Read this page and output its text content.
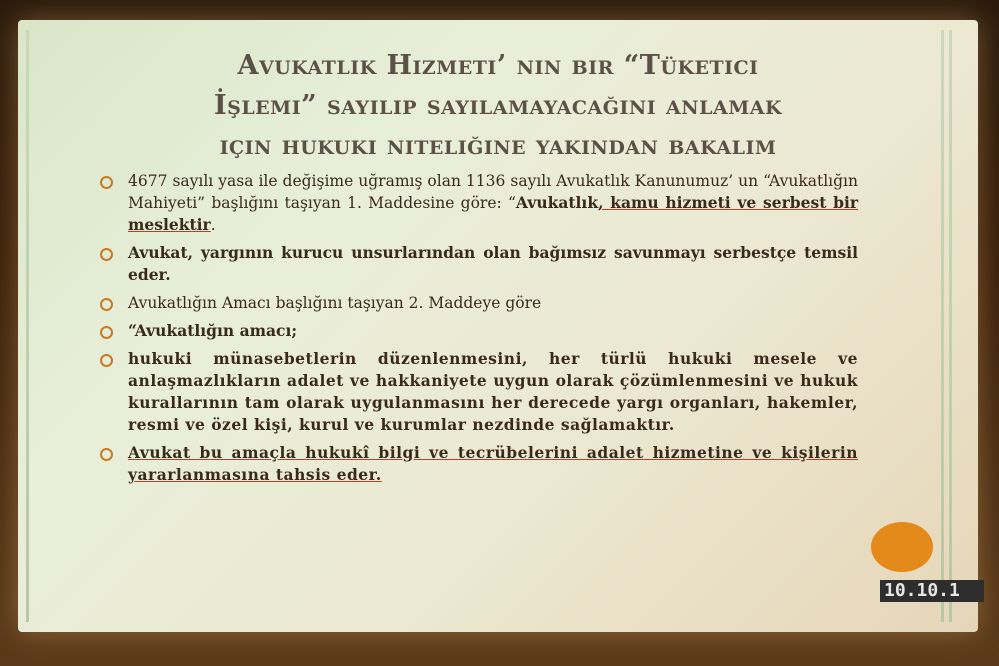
Avukatlık Hizmeti’ nin bir “Tüketici
İşlemi” sayılıp sayılamayacağını anlamak
için hukuki niteliğine yakından bakalım
4677 sayılı yasa ile değişime uğramış olan 1136 sayılı Avukatlık Kanunumuz’ un “Avukatlığın Mahiyeti” başlığını taşıyan 1. Maddesine göre: “Avukatlık, kamu hizmeti ve serbest bir meslektir.
Avukat, yargının kurucu unsurlarından olan bağımsız savunmayı serbestçe temsil eder.
Avukatlığın Amacı başlığını taşıyan 2. Maddeye göre
“Avukatlığın amacı;
hukuki münasebetlerin düzenlenmesini, her türlü hukuki mesele ve anlaşmazlıkların adalet ve hakkaniyete uygun olarak çözümlenmesini ve hukuk kurallarının tam olarak uygulanmasını her derecede yargı organları, hakemler, resmi ve özel kişi, kurul ve kurumlar nezdinde sağlamaktır.
Avukat bu amaçla hukukî bilgi ve tecrübelerini adalet hizmetine ve kişilerin yararlanmasına tahsis eder.
10.10.1
